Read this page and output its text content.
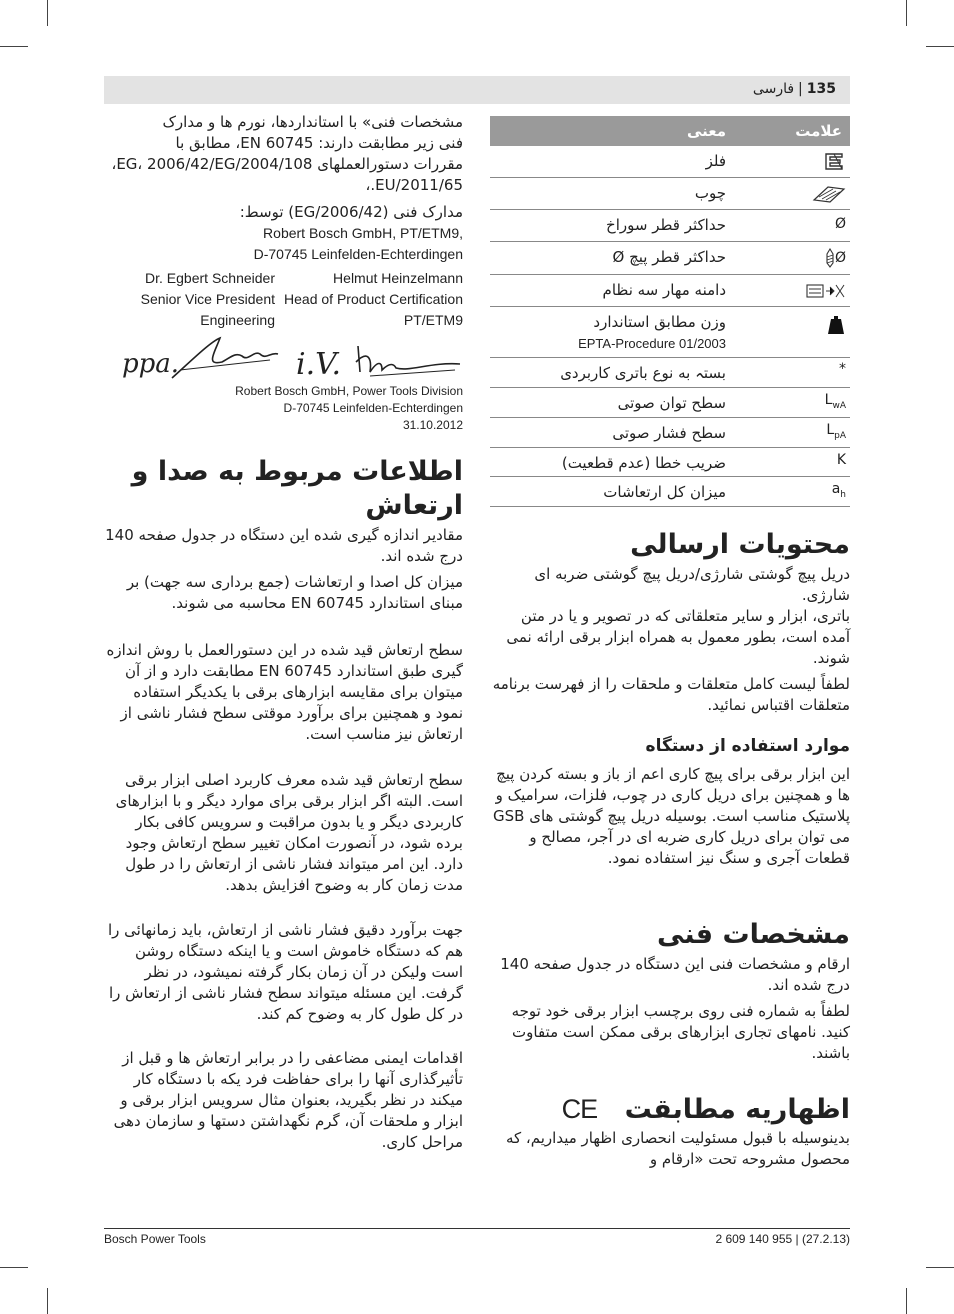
135|فارسی
علامت
معنی
فلز
چوب
Ø
حداکثر قطر سوراخ
Ø
حداکثر قطر پیچ Ø
دامنه مهار سه نظام
وزن مطابق استاندارد
EPTA-Procedure 01/2003
*
بستہ به نوع باتری کاربردی
$L_{wA}$
سطح توان صوتی
$L_{pA}$
سطح فشار صوتی
K
ضریب خطا (عدم قطعیت)
$a_h$
میزان کل ارتعاشات
محتویات ارسالی
دریل پیچ گوشتی شارژی/دریل پیچ گوشتی ضربه ای شارژی.
باتری، ابزار و سایر متعلقاتی که در تصویر و یا در متن آمده است، بطور معمول به همراه ابزار برقی ارائه نمی شوند.
لطفاً لیست کامل متعلقات و ملحقات را از فهرست برنامه متعلقات اقتباس نمائید.
موارد استفاده از دستگاه
این ابزار برقی برای پیچ کاری اعم از باز و بسته کردن پیچ ها و همچنین برای دریل کاری در چوب، فلزات، سرامیک و پلاستیک مناسب است. بوسیله دریل پیچ گوشتی های GSB می توان برای دریل کاری ضربه ای در آجر، مصالح و قطعات آجری و سنگ نیز استفاده نمود.
مشخصات فنی
ارقام و مشخصات فنی این دستگاه در جدول صفحه 140 درج شده اند.
لطفاً به شماره فنی روی برچسب ابزار برقی خود توجه کنید. نامهای تجاری ابزارهای برقی ممکن است متفاوت باشند.
اظهاریه مطابقت CE
بدینوسیله با قبول مسئولیت انحصاری اظهار میداریم، که محصول مشروحه تحت «ارقام و
مشخصات فنی» با استانداردها، نورم ها و مدارک
فنی زیر مطابقت دارند: EN 60745، مطابق با
مقررات دستورالعملهای 2004/108/EG، 2006/42/EG،
2011/65/EU.،
مدارک فنی (2006/42/EG) توسط:
Robert Bosch GmbH, PT/ETM9,
D-70745 Leinfelden-Echterdingen
Dr. Egbert Schneider
Senior Vice President
Engineering
Helmut Heinzelmann
Head of Product Certification
PT/ETM9
ppa.	i.V.
Robert Bosch GmbH, Power Tools Division
D-70745 Leinfelden-Echterdingen
31.10.2012
اطلاعات مربوط به صدا و ارتعاش
مقادیر اندازه گیری شده این دستگاه در جدول صفحه 140 درج شده اند.
میزان کل اصدا و ارتعاشات (جمع برداری سه جهت) بر مبنای استاندارد EN 60745 محاسبه می شوند.
سطح ارتعاش قید شده در این دستورالعمل با روش اندازه گیری طبق استاندارد EN 60745 مطابقت دارد و از آن میتوان برای مقایسه ابزارهای برقی با یکدیگر استفاده نمود و همچنین برای برآورد موقتی سطح فشار ناشی از ارتعاش نیز مناسب است.
سطح ارتعاش قید شده معرف کاربرد اصلی ابزار برقی است. البته اگر ابزار برقی برای موارد دیگر و با ابزارهای کاربردی دیگر و یا بدون مراقبت و سرویس کافی بکار برده شود، در آنصورت امکان تغییر سطح ارتعاش وجود دارد. این امر میتواند فشار ناشی از ارتعاش را در طول مدت زمان کار به وضوح افزایش بدهد.
جهت برآورد دقیق فشار ناشی از ارتعاش، باید زمانهائی را هم که دستگاه خاموش است و یا اینکه دستگاه روشن است ولیکن در آن زمان بکار گرفته نمیشود، در نظر گرفت. این مسئله میتواند سطح فشار ناشی از ارتعاش را در کل طول کار به وضوح کم کند.
اقدامات ایمنی مضاعفی را در برابر ارتعاش ها و قبل از تأثیرگذاری آنها را برای حفاظت فرد یکه با دستگاه کار میکند در نظر بگیرید، بعنوان مثال سرویس ابزار برقی و ابزار و ملحقات آن، گرم نگهداشتن دستها و سازمان دهی مراحل کاری.
Bosch Power Tools	2 609 140 955 | (27.2.13)
